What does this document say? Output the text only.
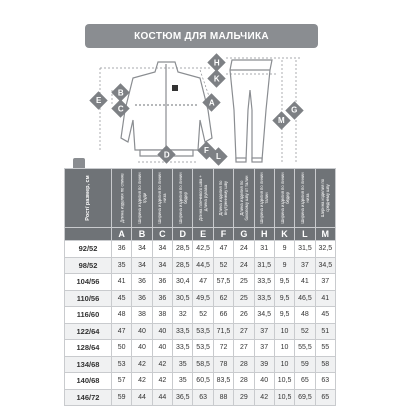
КОСТЮМ ДЛЯ МАЛЬЧИКА
A
B
C
D
E
F
H
K
G
M
L
Рост/ размер, см	Длина изделия по спинке	Ширина изделия по линии груди	Ширина изделия по линии низа	Ширина изделия по линии бёдер	Длина плечевого шва + длина рукава	Длина изделия по внутреннему шву	Длина изделия по боковому шву от талии	Ширина изделия по линии талии	Ширина изделия по линии бёдер	Ширина изделия по линии низа	Ширина изделия по среднему шву

	A	B	C	D	E	F	G	H	K	L	M
92/52	36	34	34	28,5	42,5	47	24	31	9	31,5	32,5
98/52	35	34	34	28,5	44,5	52	24	31,5	9	37	34,5
104/56	41	36	36	30,4	47	57,5	25	33,5	9,5	41	37
110/56	45	36	36	30,5	49,5	62	25	33,5	9,5	46,5	41
116/60	48	38	38	32	52	66	26	34,5	9,5	48	45
122/64	47	40	40	33,5	53,5	71,5	27	37	10	52	51
128/64	50	40	40	33,5	53,5	72	27	37	10	55,5	55
134/68	53	42	42	35	58,5	78	28	39	10	59	58
140/68	57	42	42	35	60,5	83,5	28	40	10,5	65	63
146/72	59	44	44	36,5	63	88	29	42	10,5	69,5	65
